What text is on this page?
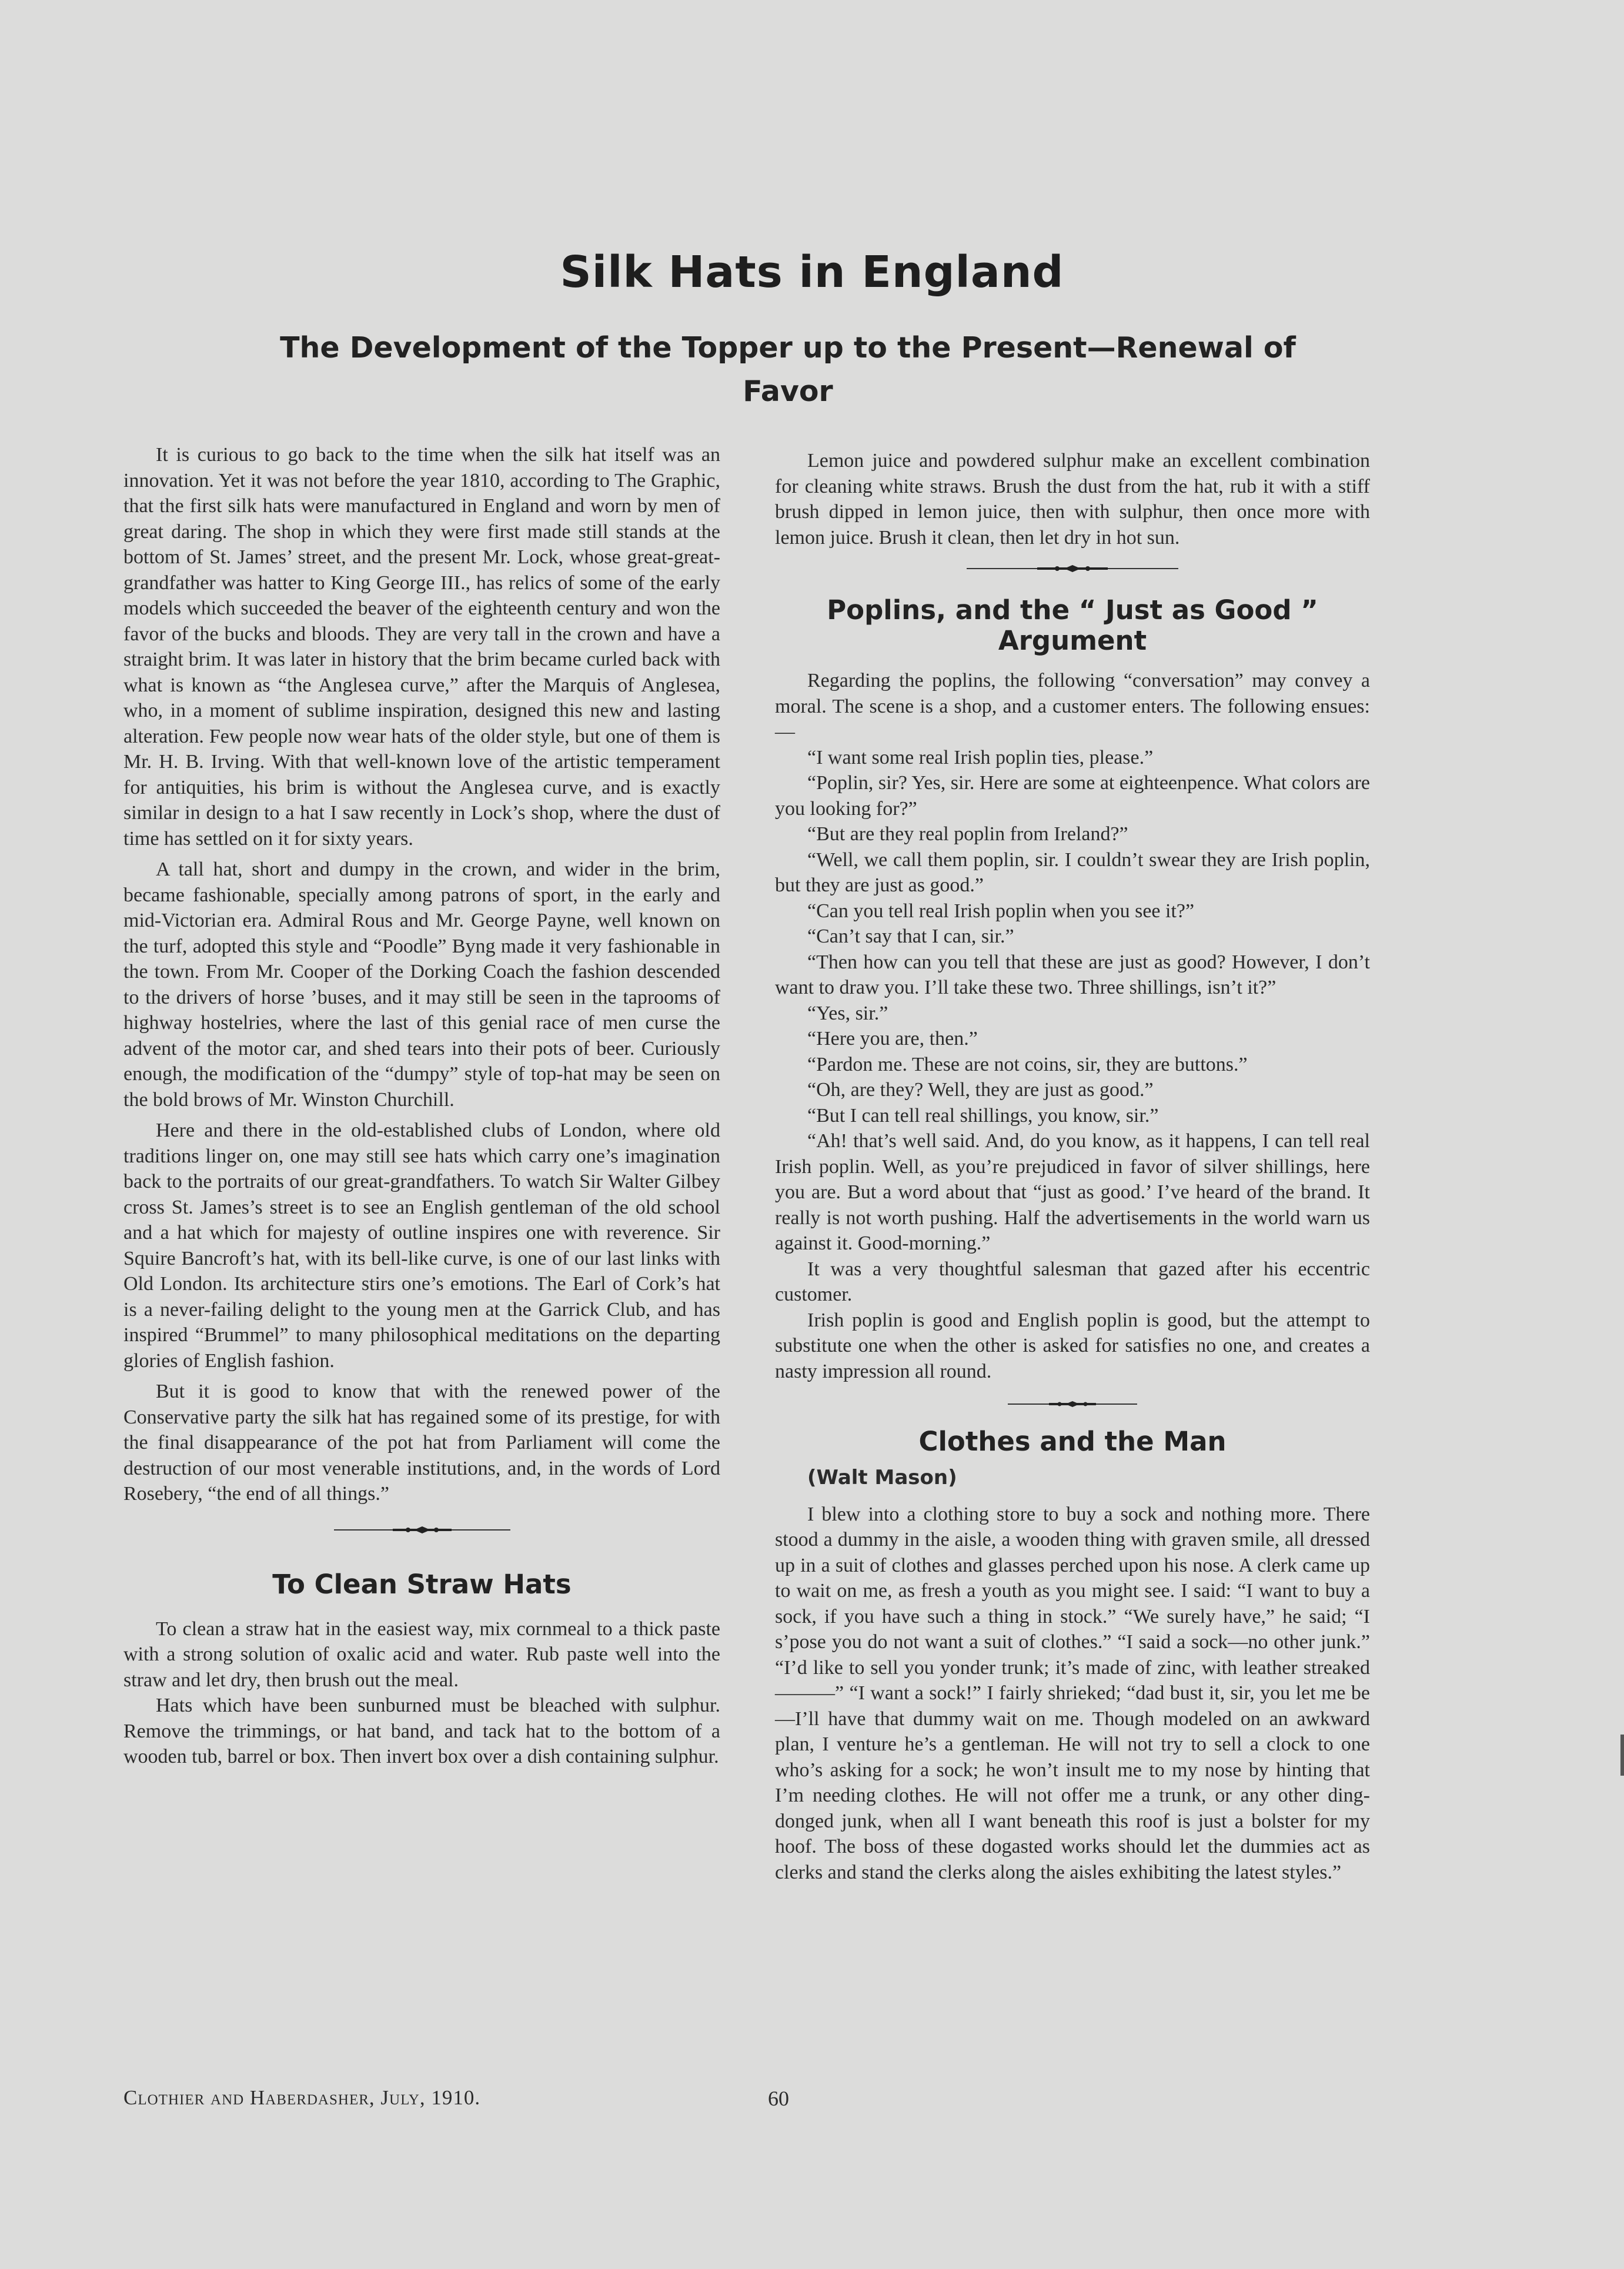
Silk Hats in England
The Development of the Topper up to the Present—Renewal of Favor

It is curious to go back to the time when the silk hat itself was an innovation. Yet it was not before the year 1810, according to The Graphic, that the first silk hats were manufactured in England and worn by men of great daring. The shop in which they were first made still stands at the bottom of St. James’ street, and the present Mr. Lock, whose great-great-grandfather was hatter to King George III., has relics of some of the early models which succeeded the beaver of the eighteenth century and won the favor of the bucks and bloods. They are very tall in the crown and have a straight brim. It was later in history that the brim became curled back with what is known as “the Anglesea curve,” after the Marquis of Anglesea, who, in a moment of sublime inspiration, designed this new and lasting alteration. Few people now wear hats of the older style, but one of them is Mr. H. B. Irving. With that well-known love of the artistic temperament for antiquities, his brim is without the Anglesea curve, and is exactly similar in design to a hat I saw recently in Lock’s shop, where the dust of time has settled on it for sixty years.

A tall hat, short and dumpy in the crown, and wider in the brim, became fashionable, specially among patrons of sport, in the early and mid-Victorian era. Admiral Rous and Mr. George Payne, well known on the turf, adopted this style and “Poodle” Byng made it very fashionable in the town. From Mr. Cooper of the Dorking Coach the fashion descended to the drivers of horse ’buses, and it may still be seen in the taprooms of highway hostelries, where the last of this genial race of men curse the advent of the motor car, and shed tears into their pots of beer. Curiously enough, the modification of the “dumpy” style of top-hat may be seen on the bold brows of Mr. Winston Churchill.

Here and there in the old-established clubs of London, where old traditions linger on, one may still see hats which carry one’s imagination back to the portraits of our great-grandfathers. To watch Sir Walter Gilbey cross St. James’s street is to see an English gentleman of the old school and a hat which for majesty of outline inspires one with reverence. Sir Squire Bancroft’s hat, with its bell-like curve, is one of our last links with Old London. Its architecture stirs one’s emotions. The Earl of Cork’s hat is a never-failing delight to the young men at the Garrick Club, and has inspired “Brummel” to many philosophical meditations on the departing glories of English fashion.

But it is good to know that with the renewed power of the Conservative party the silk hat has regained some of its prestige, for with the final disappearance of the pot hat from Parliament will come the destruction of our most venerable institutions, and, in the words of Lord Rosebery, “the end of all things.”

To Clean Straw Hats

To clean a straw hat in the easiest way, mix cornmeal to a thick paste with a strong solution of oxalic acid and water. Rub paste well into the straw and let dry, then brush out the meal.

Hats which have been sunburned must be bleached with sulphur. Remove the trimmings, or hat band, and tack hat to the bottom of a wooden tub, barrel or box. Then invert box over a dish containing sulphur.

Lemon juice and powdered sulphur make an excellent combination for cleaning white straws. Brush the dust from the hat, rub it with a stiff brush dipped in lemon juice, then with sulphur, then once more with lemon juice. Brush it clean, then let dry in hot sun.

Poplins, and the “ Just as Good ”
Argument

Regarding the poplins, the following “conversation” may convey a moral. The scene is a shop, and a customer enters. The following ensues:—

“I want some real Irish poplin ties, please.”

“Poplin, sir? Yes, sir. Here are some at eighteenpence. What colors are you looking for?”

“But are they real poplin from Ireland?”

“Well, we call them poplin, sir. I couldn’t swear they are Irish poplin, but they are just as good.”

“Can you tell real Irish poplin when you see it?”

“Can’t say that I can, sir.”

“Then how can you tell that these are just as good? However, I don’t want to draw you. I’ll take these two. Three shillings, isn’t it?”

“Yes, sir.”

“Here you are, then.”

“Pardon me. These are not coins, sir, they are buttons.”

“Oh, are they? Well, they are just as good.”

“But I can tell real shillings, you know, sir.”

“Ah! that’s well said. And, do you know, as it happens, I can tell real Irish poplin. Well, as you’re prejudiced in favor of silver shillings, here you are. But a word about that “just as good.’ I’ve heard of the brand. It really is not worth pushing. Half the advertisements in the world warn us against it. Good-morning.”

It was a very thoughtful salesman that gazed after his eccentric customer.

Irish poplin is good and English poplin is good, but the attempt to substitute one when the other is asked for satisfies no one, and creates a nasty impression all round.

Clothes and the Man

(Walt Mason)

I blew into a clothing store to buy a sock and nothing more. There stood a dummy in the aisle, a wooden thing with graven smile, all dressed up in a suit of clothes and glasses perched upon his nose. A clerk came up to wait on me, as fresh a youth as you might see. I said: “I want to buy a sock, if you have such a thing in stock.” “We surely have,” he said; “I s’pose you do not want a suit of clothes.” “I said a sock—no other junk.” “I’d like to sell you yonder trunk; it’s made of zinc, with leather streaked———” “I want a sock!” I fairly shrieked; “dad bust it, sir, you let me be—I’ll have that dummy wait on me. Though modeled on an awkward plan, I venture he’s a gentleman. He will not try to sell a clock to one who’s asking for a sock; he won’t insult me to my nose by hinting that I’m needing clothes. He will not offer me a trunk, or any other ding-donged junk, when all I want beneath this roof is just a bolster for my hoof. The boss of these dogasted works should let the dummies act as clerks and stand the clerks along the aisles exhibiting the latest styles.”

Clothier and Haberdasher, July, 1910.	60
